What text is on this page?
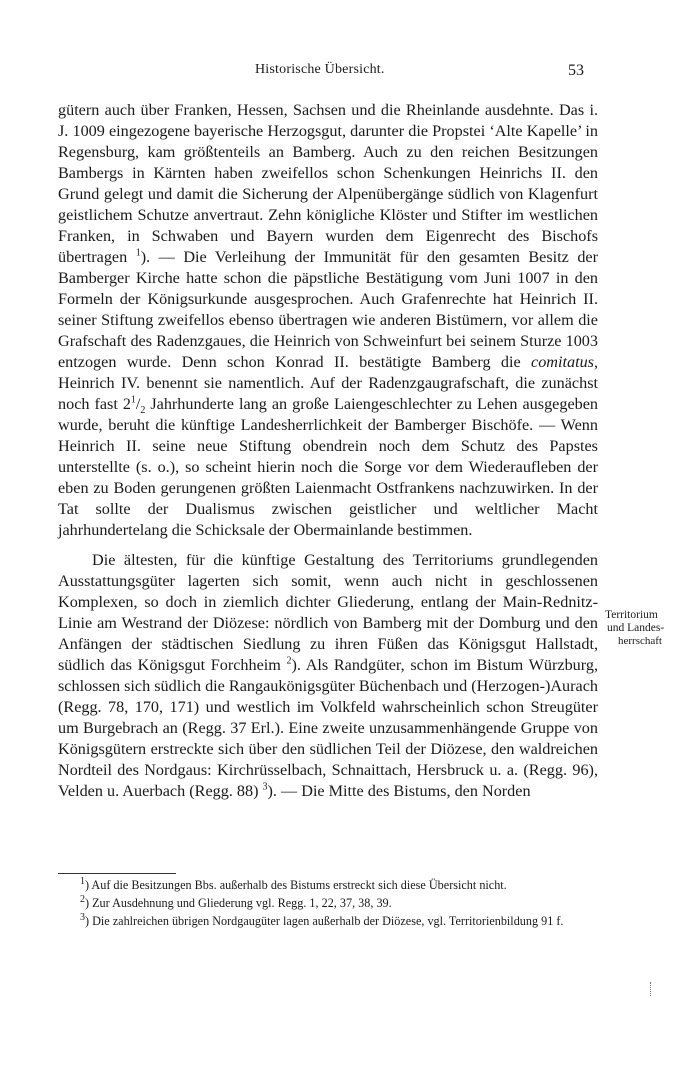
Historische Übersicht.	53

gütern auch über Franken, Hessen, Sachsen und die Rheinlande ausdehnte. Das i. J. 1009 eingezogene bayerische Herzogsgut, darunter die Propstei ‘Alte Kapelle’ in Regensburg, kam größtenteils an Bamberg. Auch zu den reichen Besitzungen Bambergs in Kärnten haben zweifellos schon Schenkungen Heinrichs II. den Grund gelegt und damit die Sicherung der Alpenübergänge südlich von Klagenfurt geistlichem Schutze anvertraut. Zehn königliche Klöster und Stifter im westlichen Franken, in Schwaben und Bayern wurden dem Eigenrecht des Bischofs übertragen $^1$). — Die Verleihung der Immunität für den gesamten Besitz der Bamberger Kirche hatte schon die päpstliche Bestätigung vom Juni 1007 in den Formeln der Königsurkunde ausgesprochen. Auch Grafenrechte hat Heinrich II. seiner Stiftung zweifellos ebenso übertragen wie anderen Bistümern, vor allem die Grafschaft des Radenzgaues, die Heinrich von Schweinfurt bei seinem Sturze 1003 entzogen wurde. Denn schon Konrad II. bestätigte Bamberg die comitatus, Heinrich IV. benennt sie namentlich. Auf der Radenzgaugrafschaft, die zunächst noch fast $2^1/_2$ Jahrhunderte lang an große Laiengeschlechter zu Lehen ausgegeben wurde, beruht die künftige Landesherrlichkeit der Bamberger Bischöfe. — Wenn Heinrich II. seine neue Stiftung obendrein noch dem Schutz des Papstes unterstellte (s. o.), so scheint hierin noch die Sorge vor dem Wiederaufleben der eben zu Boden gerungenen größten Laienmacht Ostfrankens nachzuwirken. In der Tat sollte der Dualismus zwischen geistlicher und weltlicher Macht jahrhundertelang die Schicksale der Obermainlande bestimmen.

Die ältesten, für die künftige Gestaltung des Territoriums grundlegenden Ausstattungsgüter lagerten sich somit, wenn auch nicht in geschlossenen Komplexen, so doch in ziemlich dichter Gliederung, entlang der Main-Rednitz-Linie am Westrand der Diözese: nördlich von Bamberg mit der Domburg und den Anfängen der städtischen Siedlung zu ihren Füßen das Königsgut Hallstadt, südlich das Königsgut Forchheim $^2$). Als Randgüter, schon im Bistum Würzburg, schlossen sich südlich die Rangaukönigsgüter Büchenbach und (Herzogen-)Aurach (Regg. 78, 170, 171) und westlich im Volkfeld wahrscheinlich schon Streugüter um Burgebrach an (Regg. 37 Erl.). Eine zweite unzusammenhängende Gruppe von Königsgütern erstreckte sich über den südlichen Teil der Diözese, den waldreichen Nordteil des Nordgaus: Kirchrüsselbach, Schnaittach, Hersbruck u. a. (Regg. 96), Velden u. Auerbach (Regg. 88) $^3$). — Die Mitte des Bistums, den Norden

Territorium
und Landes-
herrschaft

$^1$) Auf die Besitzungen Bbs. außerhalb des Bistums erstreckt sich diese Übersicht nicht.

$^2$) Zur Ausdehnung und Gliederung vgl. Regg. 1, 22, 37, 38, 39.

$^3$) Die zahlreichen übrigen Nordgaugüter lagen außerhalb der Diözese, vgl. Territorienbildung 91 f.
